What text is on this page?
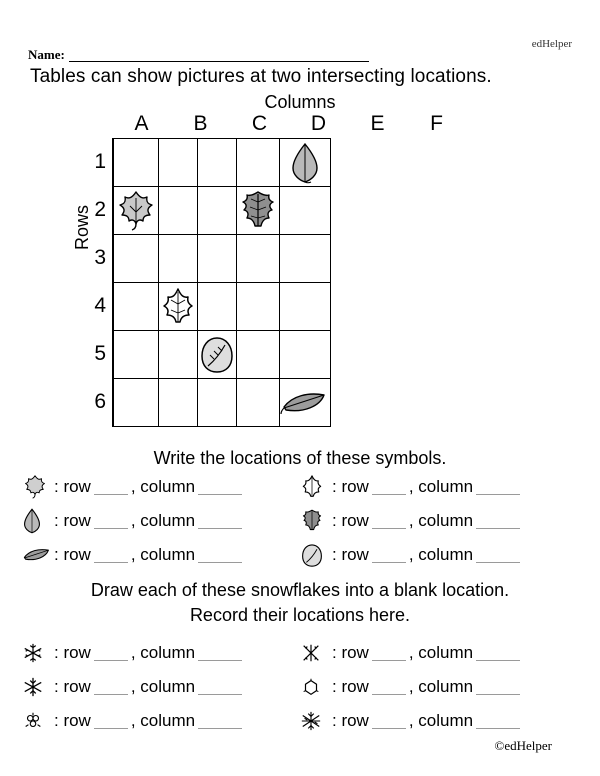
edHelper
Name:
Tables can show pictures at two intersecting locations.
Columns
Rows
A	B	C	D	E	F
1
2
3
4
5
6

Write the locations of these symbols.
: row , column	: row , column
: row , column	: row , column
: row , column	: row , column
Draw each of these snowflakes into a blank location.
Record their locations here.
: row , column	: row , column
: row , column	: row , column
: row , column	: row , column
©edHelper
